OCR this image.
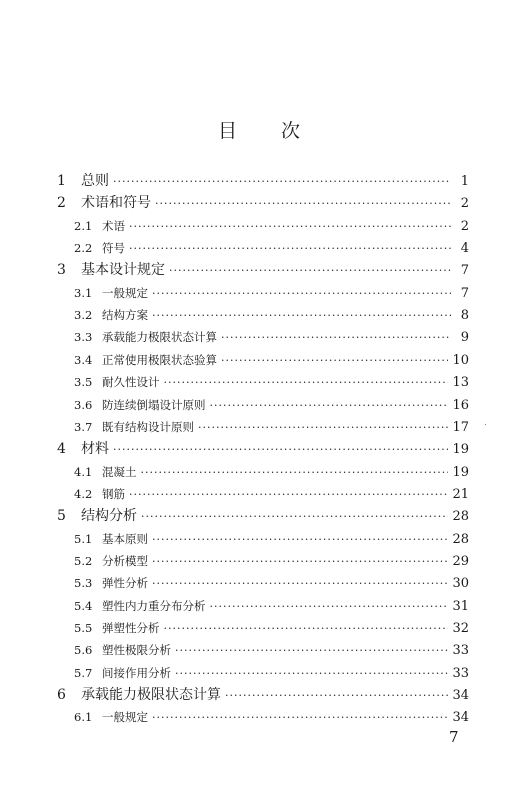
目 次
1	总则 ·····	1
2	术语和符号 ·····	2
2.1 术语 ·····	2
2.2 符号 ·····	4
3	基本设计规定 ·····	7
3.1 一般规定 ·····	7
3.2 结构方案 ·····	8
3.3 承载能力极限状态计算 ·····	9
3.4 正常使用极限状态验算 ·····	10
3.5 耐久性设计 ·····	13
3.6 防连续倒塌设计原则 ·····	16
3.7 既有结构设计原则 ·····	17
4	材料 ·····	19
4.1 混凝土 ·····	19
4.2 钢筋 ·····	21
5	结构分析 ·····	28
5.1 基本原则 ·····	28
5.2 分析模型 ·····	29
5.3 弹性分析 ·····	30
5.4 塑性内力重分布分析 ·····	31
5.5 弹塑性分析 ·····	32
5.6 塑性极限分析 ·····	33
5.7 间接作用分析 ·····	33
6	承载能力极限状态计算 ·····	34
6.1 一般规定 ·····	34
.
7
